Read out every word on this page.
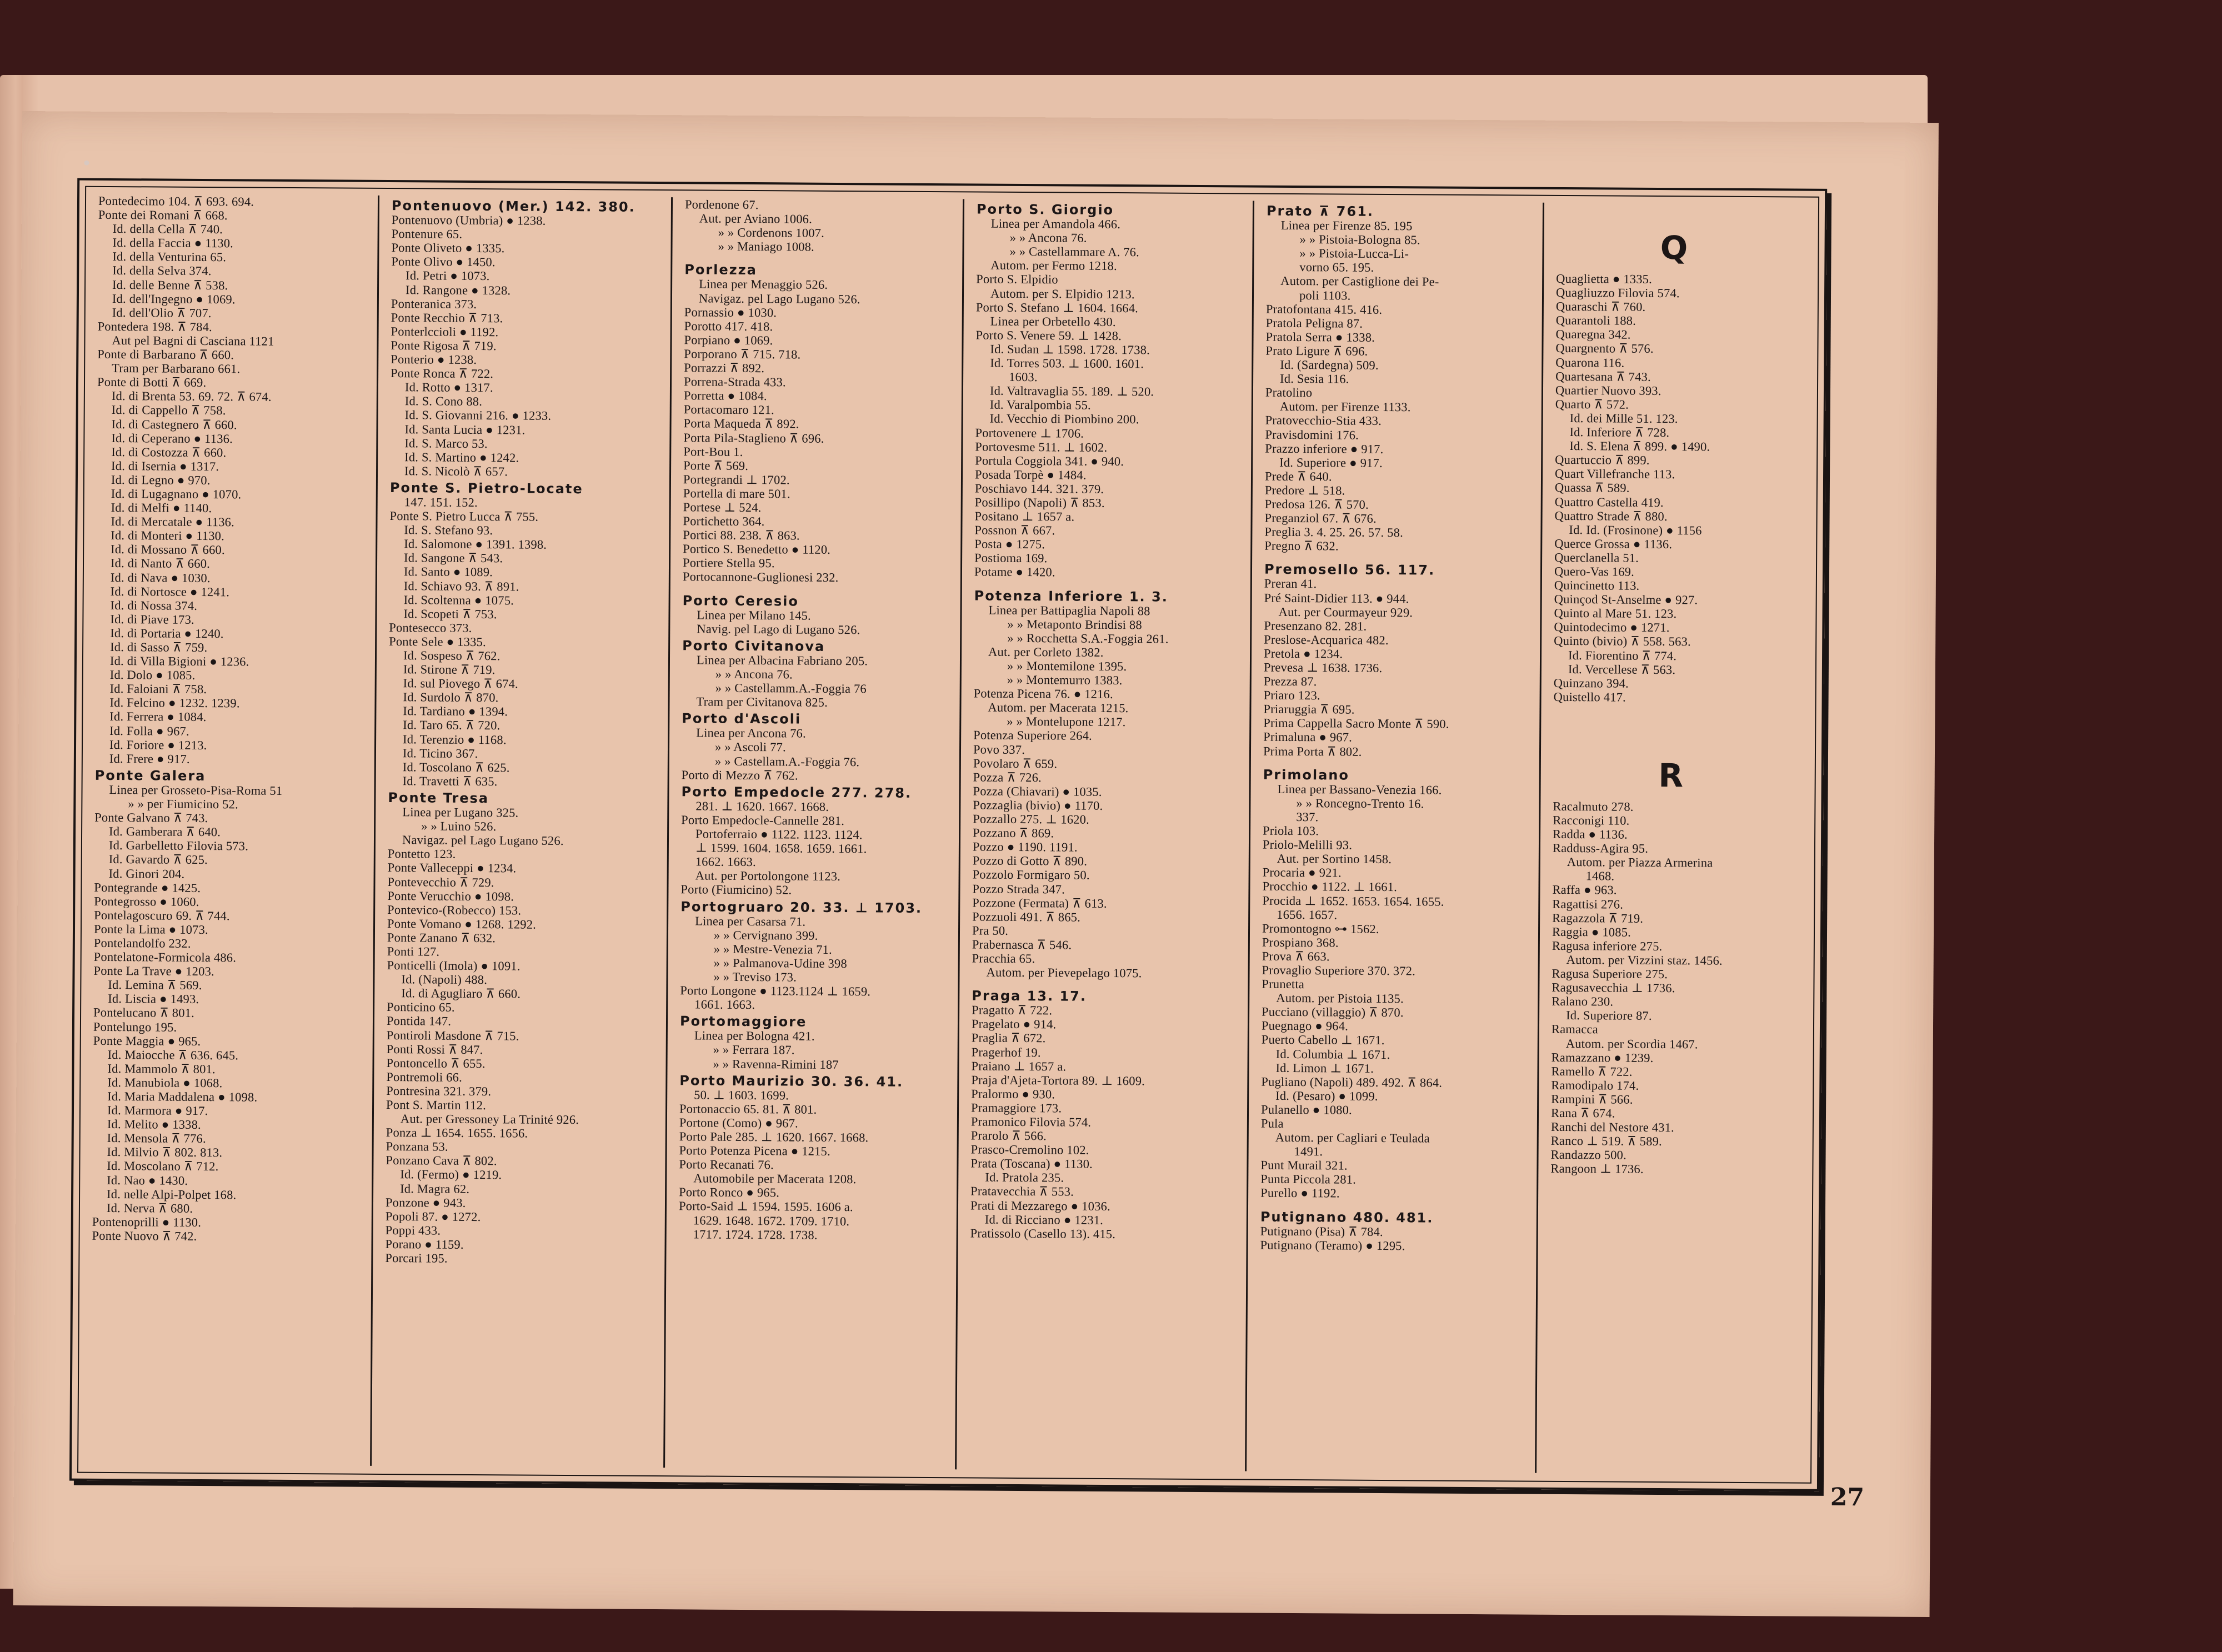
Pontedecimo 104. ⊼ 693. 694.
Ponte dei Romani ⊼ 668.
Id. della Cella ⊼ 740.
Id. della Faccia ● 1130.
Id. della Venturina 65.
Id. della Selva 374.
Id. delle Benne ⊼ 538.
Id. dell'Ingegno ● 1069.
Id. dell'Olio ⊼ 707.
Pontedera 198. ⊼ 784.
Aut pel Bagni di Casciana 1121
Ponte di Barbarano ⊼ 660.
Tram per Barbarano 661.
Ponte di Botti ⊼ 669.
Id. di Brenta 53. 69. 72. ⊼ 674.
Id. di Cappello ⊼ 758.
Id. di Castegnero ⊼ 660.
Id. di Ceperano ● 1136.
Id. di Costozza ⊼ 660.
Id. di Isernia ● 1317.
Id. di Legno ● 970.
Id. di Lugagnano ● 1070.
Id. di Melfi ● 1140.
Id. di Mercatale ● 1136.
Id. di Monteri ● 1130.
Id. di Mossano ⊼ 660.
Id. di Nanto ⊼ 660.
Id. di Nava ● 1030.
Id. di Nortosce ● 1241.
Id. di Nossa 374.
Id. di Piave 173.
Id. di Portaria ● 1240.
Id. di Sasso ⊼ 759.
Id. di Villa Bigioni ● 1236.
Id. Dolo ● 1085.
Id. Faloiani ⊼ 758.
Id. Felcino ● 1232. 1239.
Id. Ferrera ● 1084.
Id. Folla ● 967.
Id. Foriore ● 1213.
Id. Frere ● 917.
Ponte Galera
Linea per Grosseto-Pisa-Roma 51
» » per Fiumicino 52.
Ponte Galvano ⊼ 743.
Id. Gamberara ⊼ 640.
Id. Garbelletto Filovia 573.
Id. Gavardo ⊼ 625.
Id. Ginori 204.
Pontegrande ● 1425.
Pontegrosso ● 1060.
Pontelagoscuro 69. ⊼ 744.
Ponte la Lima ● 1073.
Pontelandolfo 232.
Pontelatone-Formicola 486.
Ponte La Trave ● 1203.
Id. Lemina ⊼ 569.
Id. Liscia ● 1493.
Pontelucano ⊼ 801.
Pontelungo 195.
Ponte Maggia ● 965.
Id. Maiocche ⊼ 636. 645.
Id. Mammolo ⊼ 801.
Id. Manubiola ● 1068.
Id. Maria Maddalena ● 1098.
Id. Marmora ● 917.
Id. Melito ● 1338.
Id. Mensola ⊼ 776.
Id. Milvio ⊼ 802. 813.
Id. Moscolano ⊼ 712.
Id. Nao ● 1430.
Id. nelle Alpi-Polpet 168.
Id. Nerva ⊼ 680.
Pontenoprilli ● 1130.
Ponte Nuovo ⊼ 742.
Pontenuovo (Mer.) 142. 380.
Pontenuovo (Umbria) ● 1238.
Pontenure 65.
Ponte Oliveto ● 1335.
Ponte Olivo ● 1450.
Id. Petri ● 1073.
Id. Rangone ● 1328.
Ponteranica 373.
Ponte Recchio ⊼ 713.
Ponterlccioli ● 1192.
Ponte Rigosa ⊼ 719.
Ponterio ● 1238.
Ponte Ronca ⊼ 722.
Id. Rotto ● 1317.
Id. S. Cono 88.
Id. S. Giovanni 216. ● 1233.
Id. Santa Lucia ● 1231.
Id. S. Marco 53.
Id. S. Martino ● 1242.
Id. S. Nicolò ⊼ 657.
Ponte S. Pietro-Locate
147. 151. 152.
Ponte S. Pietro Lucca ⊼ 755.
Id. S. Stefano 93.
Id. Salomone ● 1391. 1398.
Id. Sangone ⊼ 543.
Id. Santo ● 1089.
Id. Schiavo 93. ⊼ 891.
Id. Scoltenna ● 1075.
Id. Scopeti ⊼ 753.
Pontesecco 373.
Ponte Sele ● 1335.
Id. Sospeso ⊼ 762.
Id. Stirone ⊼ 719.
Id. sul Piovego ⊼ 674.
Id. Surdolo ⊼ 870.
Id. Tardiano ● 1394.
Id. Taro 65. ⊼ 720.
Id. Terenzio ● 1168.
Id. Ticino 367.
Id. Toscolano ⊼ 625.
Id. Travetti ⊼ 635.
Ponte Tresa
Linea per Lugano 325.
» » Luino 526.
Navigaz. pel Lago Lugano 526.
Pontetto 123.
Ponte Valleceppi ● 1234.
Pontevecchio ⊼ 729.
Ponte Verucchio ● 1098.
Pontevico-(Robecco) 153.
Ponte Vomano ● 1268. 1292.
Ponte Zanano ⊼ 632.
Ponti 127.
Ponticelli (Imola) ● 1091.
Id. (Napoli) 488.
Id. di Agugliaro ⊼ 660.
Ponticino 65.
Pontida 147.
Pontiroli Masdone ⊼ 715.
Ponti Rossi ⊼ 847.
Pontoncello ⊼ 655.
Pontremoli 66.
Pontresina 321. 379.
Pont S. Martin 112.
Aut. per Gressoney La Trinité 926.
Ponza ⊥ 1654. 1655. 1656.
Ponzana 53.
Ponzano Cava ⊼ 802.
Id. (Fermo) ● 1219.
Id. Magra 62.
Ponzone ● 943.
Popoli 87. ● 1272.
Poppi 433.
Porano ● 1159.
Porcari 195.
Pordenone 67.
Aut. per Aviano 1006.
» » Cordenons 1007.
» » Maniago 1008.
Porlezza
Linea per Menaggio 526.
Navigaz. pel Lago Lugano 526.
Pornassio ● 1030.
Porotto 417. 418.
Porpiano ● 1069.
Porporano ⊼ 715. 718.
Porrazzi ⊼ 892.
Porrena-Strada 433.
Porretta ● 1084.
Portacomaro 121.
Porta Maqueda ⊼ 892.
Porta Pila-Staglieno ⊼ 696.
Port-Bou 1.
Porte ⊼ 569.
Portegrandi ⊥ 1702.
Portella di mare 501.
Portese ⊥ 524.
Portichetto 364.
Portici 88. 238. ⊼ 863.
Portico S. Benedetto ● 1120.
Portiere Stella 95.
Portocannone-Guglionesi 232.
Porto Ceresio
Linea per Milano 145.
Navig. pel Lago di Lugano 526.
Porto Civitanova
Linea per Albacina Fabriano 205.
» » Ancona 76.
» » Castellamm.A.-Foggia 76
Tram per Civitanova 825.
Porto d'Ascoli
Linea per Ancona 76.
» » Ascoli 77.
» » Castellam.A.-Foggia 76.
Porto di Mezzo ⊼ 762.
Porto Empedocle 277. 278.
281. ⊥ 1620. 1667. 1668.
Porto Empedocle-Cannelle 281.
Portoferraio ● 1122. 1123. 1124.
⊥ 1599. 1604. 1658. 1659. 1661.
1662. 1663.
Aut. per Portolongone 1123.
Porto (Fiumicino) 52.
Portogruaro 20. 33. ⊥ 1703.
Linea per Casarsa 71.
» » Cervignano 399.
» » Mestre-Venezia 71.
» » Palmanova-Udine 398
» » Treviso 173.
Porto Longone ● 1123.1124 ⊥ 1659.
1661. 1663.
Portomaggiore
Linea per Bologna 421.
» » Ferrara 187.
» » Ravenna-Rimini 187
Porto Maurizio 30. 36. 41.
50. ⊥ 1603. 1699.
Portonaccio 65. 81. ⊼ 801.
Portone (Como) ● 967.
Porto Pale 285. ⊥ 1620. 1667. 1668.
Porto Potenza Picena ● 1215.
Porto Recanati 76.
Automobile per Macerata 1208.
Porto Ronco ● 965.
Porto-Said ⊥ 1594. 1595. 1606 a.
1629. 1648. 1672. 1709. 1710.
1717. 1724. 1728. 1738.
Porto S. Giorgio
Linea per Amandola 466.
» » Ancona 76.
» » Castellammare A. 76.
Autom. per Fermo 1218.
Porto S. Elpidio
Autom. per S. Elpidio 1213.
Porto S. Stefano ⊥ 1604. 1664.
Linea per Orbetello 430.
Porto S. Venere 59. ⊥ 1428.
Id. Sudan ⊥ 1598. 1728. 1738.
Id. Torres 503. ⊥ 1600. 1601.
1603.
Id. Valtravaglia 55. 189. ⊥ 520.
Id. Varalpombia 55.
Id. Vecchio di Piombino 200.
Portovenere ⊥ 1706.
Portovesme 511. ⊥ 1602.
Portula Coggiola 341. ● 940.
Posada Torpè ● 1484.
Poschiavo 144. 321. 379.
Posillipo (Napoli) ⊼ 853.
Positano ⊥ 1657 a.
Possnon ⊼ 667.
Posta ● 1275.
Postioma 169.
Potame ● 1420.
Potenza Inferiore 1. 3.
Linea per Battipaglia Napoli 88
» » Metaponto Brindisi 88
» » Rocchetta S.A.-Foggia 261.
Aut. per Corleto 1382.
» » Montemilone 1395.
» » Montemurro 1383.
Potenza Picena 76. ● 1216.
Autom. per Macerata 1215.
» » Montelupone 1217.
Potenza Superiore 264.
Povo 337.
Povolaro ⊼ 659.
Pozza ⊼ 726.
Pozza (Chiavari) ● 1035.
Pozzaglia (bivio) ● 1170.
Pozzallo 275. ⊥ 1620.
Pozzano ⊼ 869.
Pozzo ● 1190. 1191.
Pozzo di Gotto ⊼ 890.
Pozzolo Formigaro 50.
Pozzo Strada 347.
Pozzone (Fermata) ⊼ 613.
Pozzuoli 491. ⊼ 865.
Pra 50.
Prabernasca ⊼ 546.
Pracchia 65.
Autom. per Pievepelago 1075.
Praga 13. 17.
Pragatto ⊼ 722.
Pragelato ● 914.
Praglia ⊼ 672.
Pragerhof 19.
Praiano ⊥ 1657 a.
Praja d'Ajeta-Tortora 89. ⊥ 1609.
Pralormo ● 930.
Pramaggiore 173.
Pramonico Filovia 574.
Prarolo ⊼ 566.
Prasco-Cremolino 102.
Prata (Toscana) ● 1130.
Id. Pratola 235.
Pratavecchia ⊼ 553.
Prati di Mezzarego ● 1036.
Id. di Ricciano ● 1231.
Pratissolo (Casello 13). 415.
Prato ⊼ 761.
Linea per Firenze 85. 195
» » Pistoia-Bologna 85.
» » Pistoia-Lucca-Li-
vorno 65. 195.
Autom. per Castiglione dei Pe-
poli 1103.
Pratofontana 415. 416.
Pratola Peligna 87.
Pratola Serra ● 1338.
Prato Ligure ⊼ 696.
Id. (Sardegna) 509.
Id. Sesia 116.
Pratolino
Autom. per Firenze 1133.
Pratovecchio-Stia 433.
Pravisdomini 176.
Prazzo inferiore ● 917.
Id. Superiore ● 917.
Prede ⊼ 640.
Predore ⊥ 518.
Predosa 126. ⊼ 570.
Preganziol 67. ⊼ 676.
Preglia 3. 4. 25. 26. 57. 58.
Pregno ⊼ 632.
Premosello 56. 117.
Preran 41.
Pré Saint-Didier 113. ● 944.
Aut. per Courmayeur 929.
Presenzano 82. 281.
Preslose-Acquarica 482.
Pretola ● 1234.
Prevesa ⊥ 1638. 1736.
Prezza 87.
Priaro 123.
Priaruggia ⊼ 695.
Prima Cappella Sacro Monte ⊼ 590.
Primaluna ● 967.
Prima Porta ⊼ 802.
Primolano
Linea per Bassano-Venezia 166.
» » Roncegno-Trento 16.
337.
Priola 103.
Priolo-Melilli 93.
Aut. per Sortino 1458.
Procaria ● 921.
Procchio ● 1122. ⊥ 1661.
Procida ⊥ 1652. 1653. 1654. 1655.
1656. 1657.
Promontogno ⊶ 1562.
Prospiano 368.
Prova ⊼ 663.
Provaglio Superiore 370. 372.
Prunetta
Autom. per Pistoia 1135.
Pucciano (villaggio) ⊼ 870.
Puegnago ● 964.
Puerto Cabello ⊥ 1671.
Id. Columbia ⊥ 1671.
Id. Limon ⊥ 1671.
Pugliano (Napoli) 489. 492. ⊼ 864.
Id. (Pesaro) ● 1099.
Pulanello ● 1080.
Pula
Autom. per Cagliari e Teulada
1491.
Punt Murail 321.
Punta Piccola 281.
Purello ● 1192.
Putignano 480. 481.
Putignano (Pisa) ⊼ 784.
Putignano (Teramo) ● 1295.
Q
Quaglietta ● 1335.
Quagliuzzo Filovia 574.
Quaraschi ⊼ 760.
Quarantoli 188.
Quaregna 342.
Quargnento ⊼ 576.
Quarona 116.
Quartesana ⊼ 743.
Quartier Nuovo 393.
Quarto ⊼ 572.
Id. dei Mille 51. 123.
Id. Inferiore ⊼ 728.
Id. S. Elena ⊼ 899. ● 1490.
Quartuccio ⊼ 899.
Quart Villefranche 113.
Quassa ⊼ 589.
Quattro Castella 419.
Quattro Strade ⊼ 880.
Id. Id. (Frosinone) ● 1156
Querce Grossa ● 1136.
Querclanella 51.
Quero-Vas 169.
Quincinetto 113.
Quinçod St-Anselme ● 927.
Quinto al Mare 51. 123.
Quintodecimo ● 1271.
Quinto (bivio) ⊼ 558. 563.
Id. Fiorentino ⊼ 774.
Id. Vercellese ⊼ 563.
Quinzano 394.
Quistello 417.
R
Racalmuto 278.
Racconigi 110.
Radda ● 1136.
Radduss-Agira 95.
Autom. per Piazza Armerina
1468.
Raffa ● 963.
Ragattisi 276.
Ragazzola ⊼ 719.
Raggia ● 1085.
Ragusa inferiore 275.
Autom. per Vizzini staz. 1456.
Ragusa Superiore 275.
Ragusavecchia ⊥ 1736.
Ralano 230.
Id. Superiore 87.
Ramacca
Autom. per Scordia 1467.
Ramazzano ● 1239.
Ramello ⊼ 722.
Ramodipalo 174.
Rampini ⊼ 566.
Rana ⊼ 674.
Ranchi del Nestore 431.
Ranco ⊥ 519. ⊼ 589.
Randazzo 500.
Rangoon ⊥ 1736.
27
